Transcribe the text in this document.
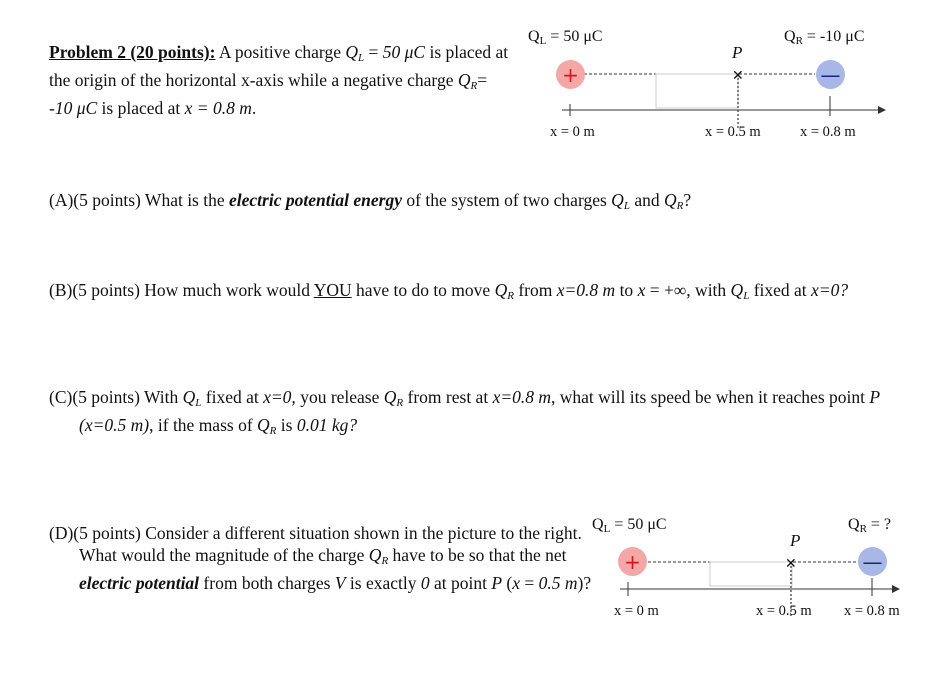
Problem 2 (20 points): A positive charge $Q_L = 50$ μC is placed at the origin of the horizontal x-axis while a negative charge $Q_R= -10$ μC is placed at x = 0.8 m.
$Q_L = 50$ μC	$Q_R = -10$ μC
P
✕
+	—
x = 0 m	x = 0.5 m	x = 0.8 m
(A)(5 points) What is the electric potential energy of the system of two charges $Q_L$ and $Q_R$?
(B)(5 points) How much work would YOU have to do to move $Q_R$ from x=0.8 m to x = +∞, with $Q_L$ fixed at x=0?
(C)(5 points) With $Q_L$ fixed at x=0, you release $Q_R$ from rest at x=0.8 m, what will its speed be when it reaches point P (x=0.5 m), if the mass of $Q_R$ is 0.01 kg?
(D)(5 points) Consider a different situation shown in the picture to the right. What would the magnitude of the charge $Q_R$ have to be so that the net electric potential from both charges V is exactly 0 at point P (x = 0.5 m)?
$Q_L = 50$ μC	$Q_R$ = ?
P
✕
+	—
x = 0 m	x = 0.5 m x = 0.8 m
